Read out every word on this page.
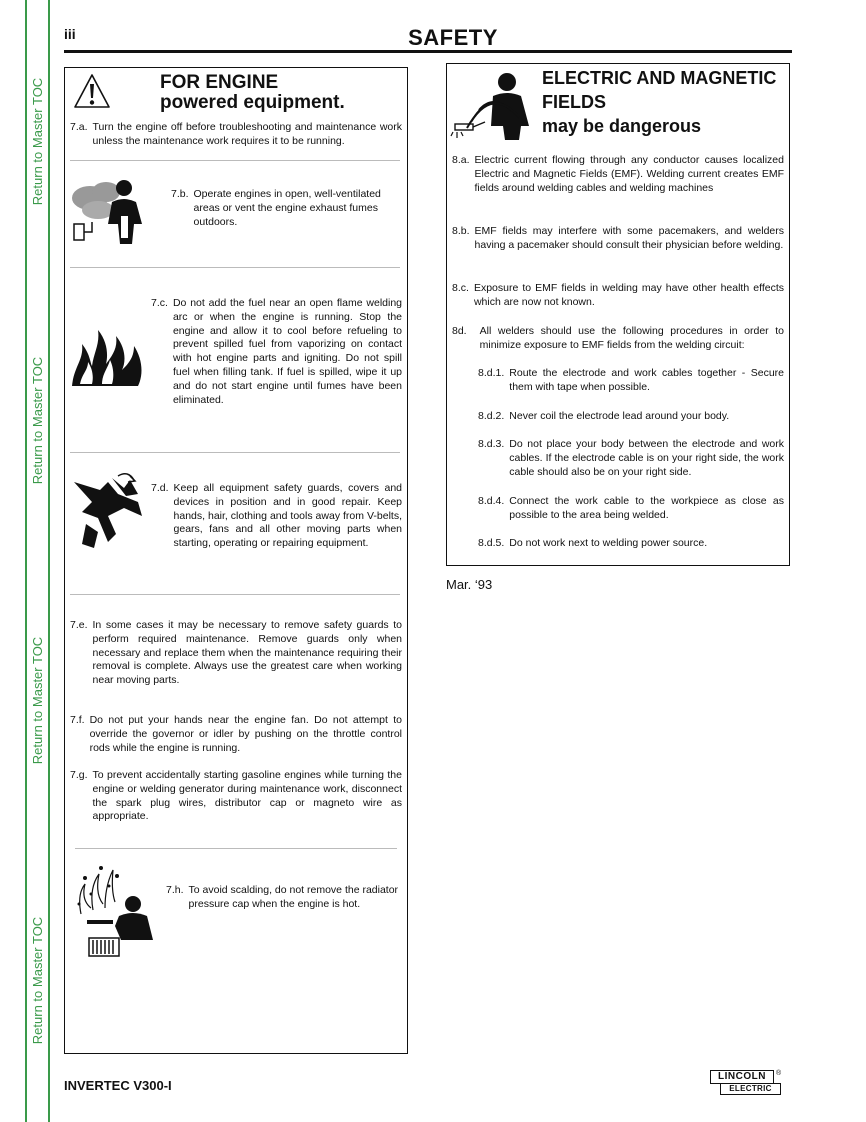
Return to Master TOC
Return to Master TOC
Return to Master TOC
Return to Master TOC
iii	SAFETY
FOR ENGINE
powered equipment.
7.a. Turn the engine off before troubleshooting and maintenance work unless the maintenance work requires it to be running.
7.b. Operate engines in open, well-ventilated areas or vent the engine exhaust fumes outdoors.
7.c. Do not add the fuel near an open flame welding arc or when the engine is running. Stop the engine and allow it to cool before refueling to prevent spilled fuel from vaporizing on contact with hot engine parts and igniting. Do not spill fuel when filling tank. If fuel is spilled, wipe it up and do not start engine until fumes have been eliminated.
7.d. Keep all equipment safety guards, covers and devices in position and in good repair. Keep hands, hair, clothing and tools away from V-belts, gears, fans and all other moving parts when starting, operating or repairing equipment.
7.e. In some cases it may be necessary to remove safety guards to perform required maintenance. Remove guards only when necessary and replace them when the maintenance requiring their removal is complete. Always use the greatest care when working near moving parts.
7.f. Do not put your hands near the engine fan. Do not attempt to override the governor or idler by pushing on the throttle control rods while the engine is running.
7.g. To prevent accidentally starting gasoline engines while turning the engine or welding generator during maintenance work, disconnect the spark plug wires, distributor cap or magneto wire as appropriate.
7.h. To avoid scalding, do not remove the radiator pressure cap when the engine is hot.
ELECTRIC AND MAGNETIC
FIELDS
may be dangerous
8.a. Electric current flowing through any conductor causes localized Electric and Magnetic Fields (EMF). Welding current creates EMF fields around welding cables and welding machines
8.b. EMF fields may interfere with some pacemakers, and welders having a pacemaker should consult their physician before welding.
8.c. Exposure to EMF fields in welding may have other health effects which are now not known.
8d.	All welders should use the following procedures in order to minimize exposure to EMF fields from the welding circuit:
8.d.1. Route the electrode and work cables together - Secure them with tape when possible.
8.d.2. Never coil the electrode lead around your body.
8.d.3. Do not place your body between the electrode and work cables. If the electrode cable is on your right side, the work cable should also be on your right side.
8.d.4. Connect the work cable to the workpiece as close as possible to the area being welded.
8.d.5. Do not work next to welding power source.
Mar. ‘93
INVERTEC V300-I
LINCOLN
ELECTRIC
®
